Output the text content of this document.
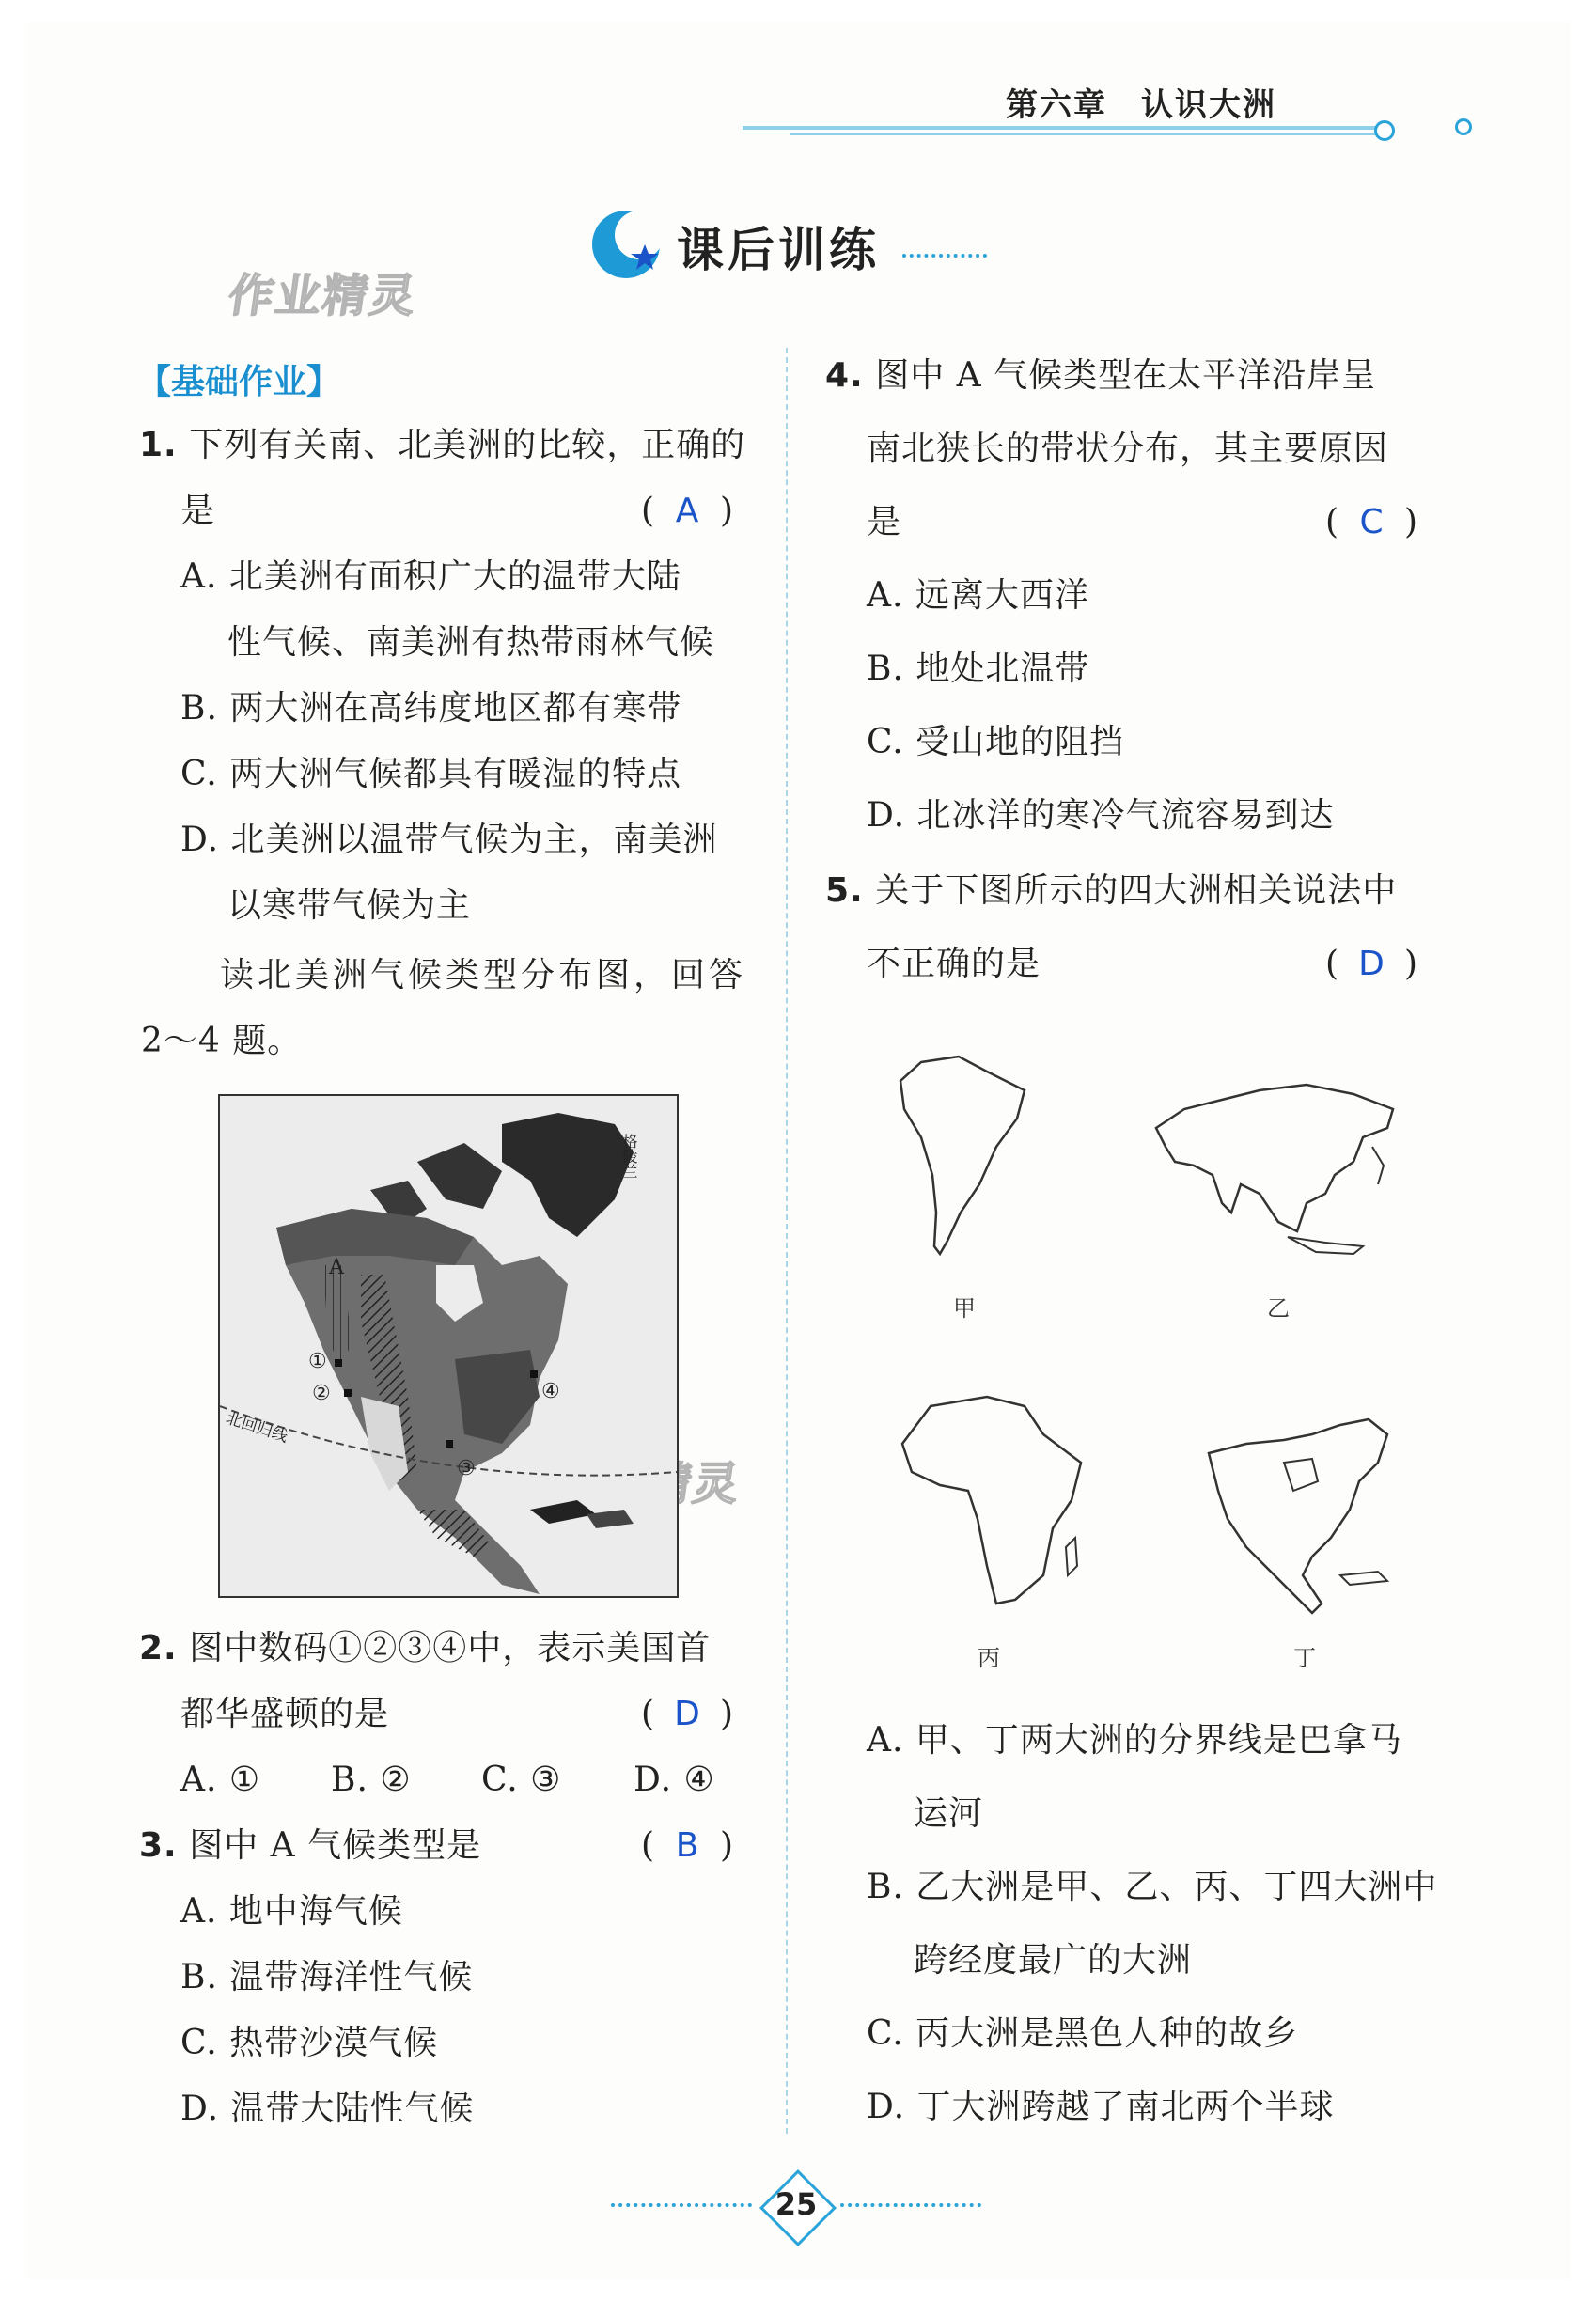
第六章　认识大洲
课后训练
作业精灵
【基础作业】
1. 下列有关南、北美洲的比较，正确的
是	( A )
A. 北美洲有面积广大的温带大陆
性气候、南美洲有热带雨林气候
B. 两大洲在高纬度地区都有寒带
C. 两大洲气候都具有暖湿的特点
D. 北美洲以温带气候为主，南美洲
以寒带气候为主
读北美洲气候类型分布图，回答
2～4 题。
A
①
②
③
④
北回归线
格陵兰
2. 图中数码①②③④中，表示美国首
都华盛顿的是	( D )
A. ① B. ② C. ③ D. ④
3. 图中 A 气候类型是	( B )
A. 地中海气候
B. 温带海洋性气候
C. 热带沙漠气候
D. 温带大陆性气候
4. 图中 A 气候类型在太平洋沿岸呈
南北狭长的带状分布，其主要原因
是	( C )
A. 远离大西洋
B. 地处北温带
C. 受山地的阻挡
D. 北冰洋的寒冷气流容易到达
5. 关于下图所示的四大洲相关说法中
不正确的是	( D )
甲	乙
丙	丁
A. 甲、丁两大洲的分界线是巴拿马
运河
B. 乙大洲是甲、乙、丙、丁四大洲中
跨经度最广的大洲
C. 丙大洲是黑色人种的故乡
D. 丁大洲跨越了南北两个半球
25
